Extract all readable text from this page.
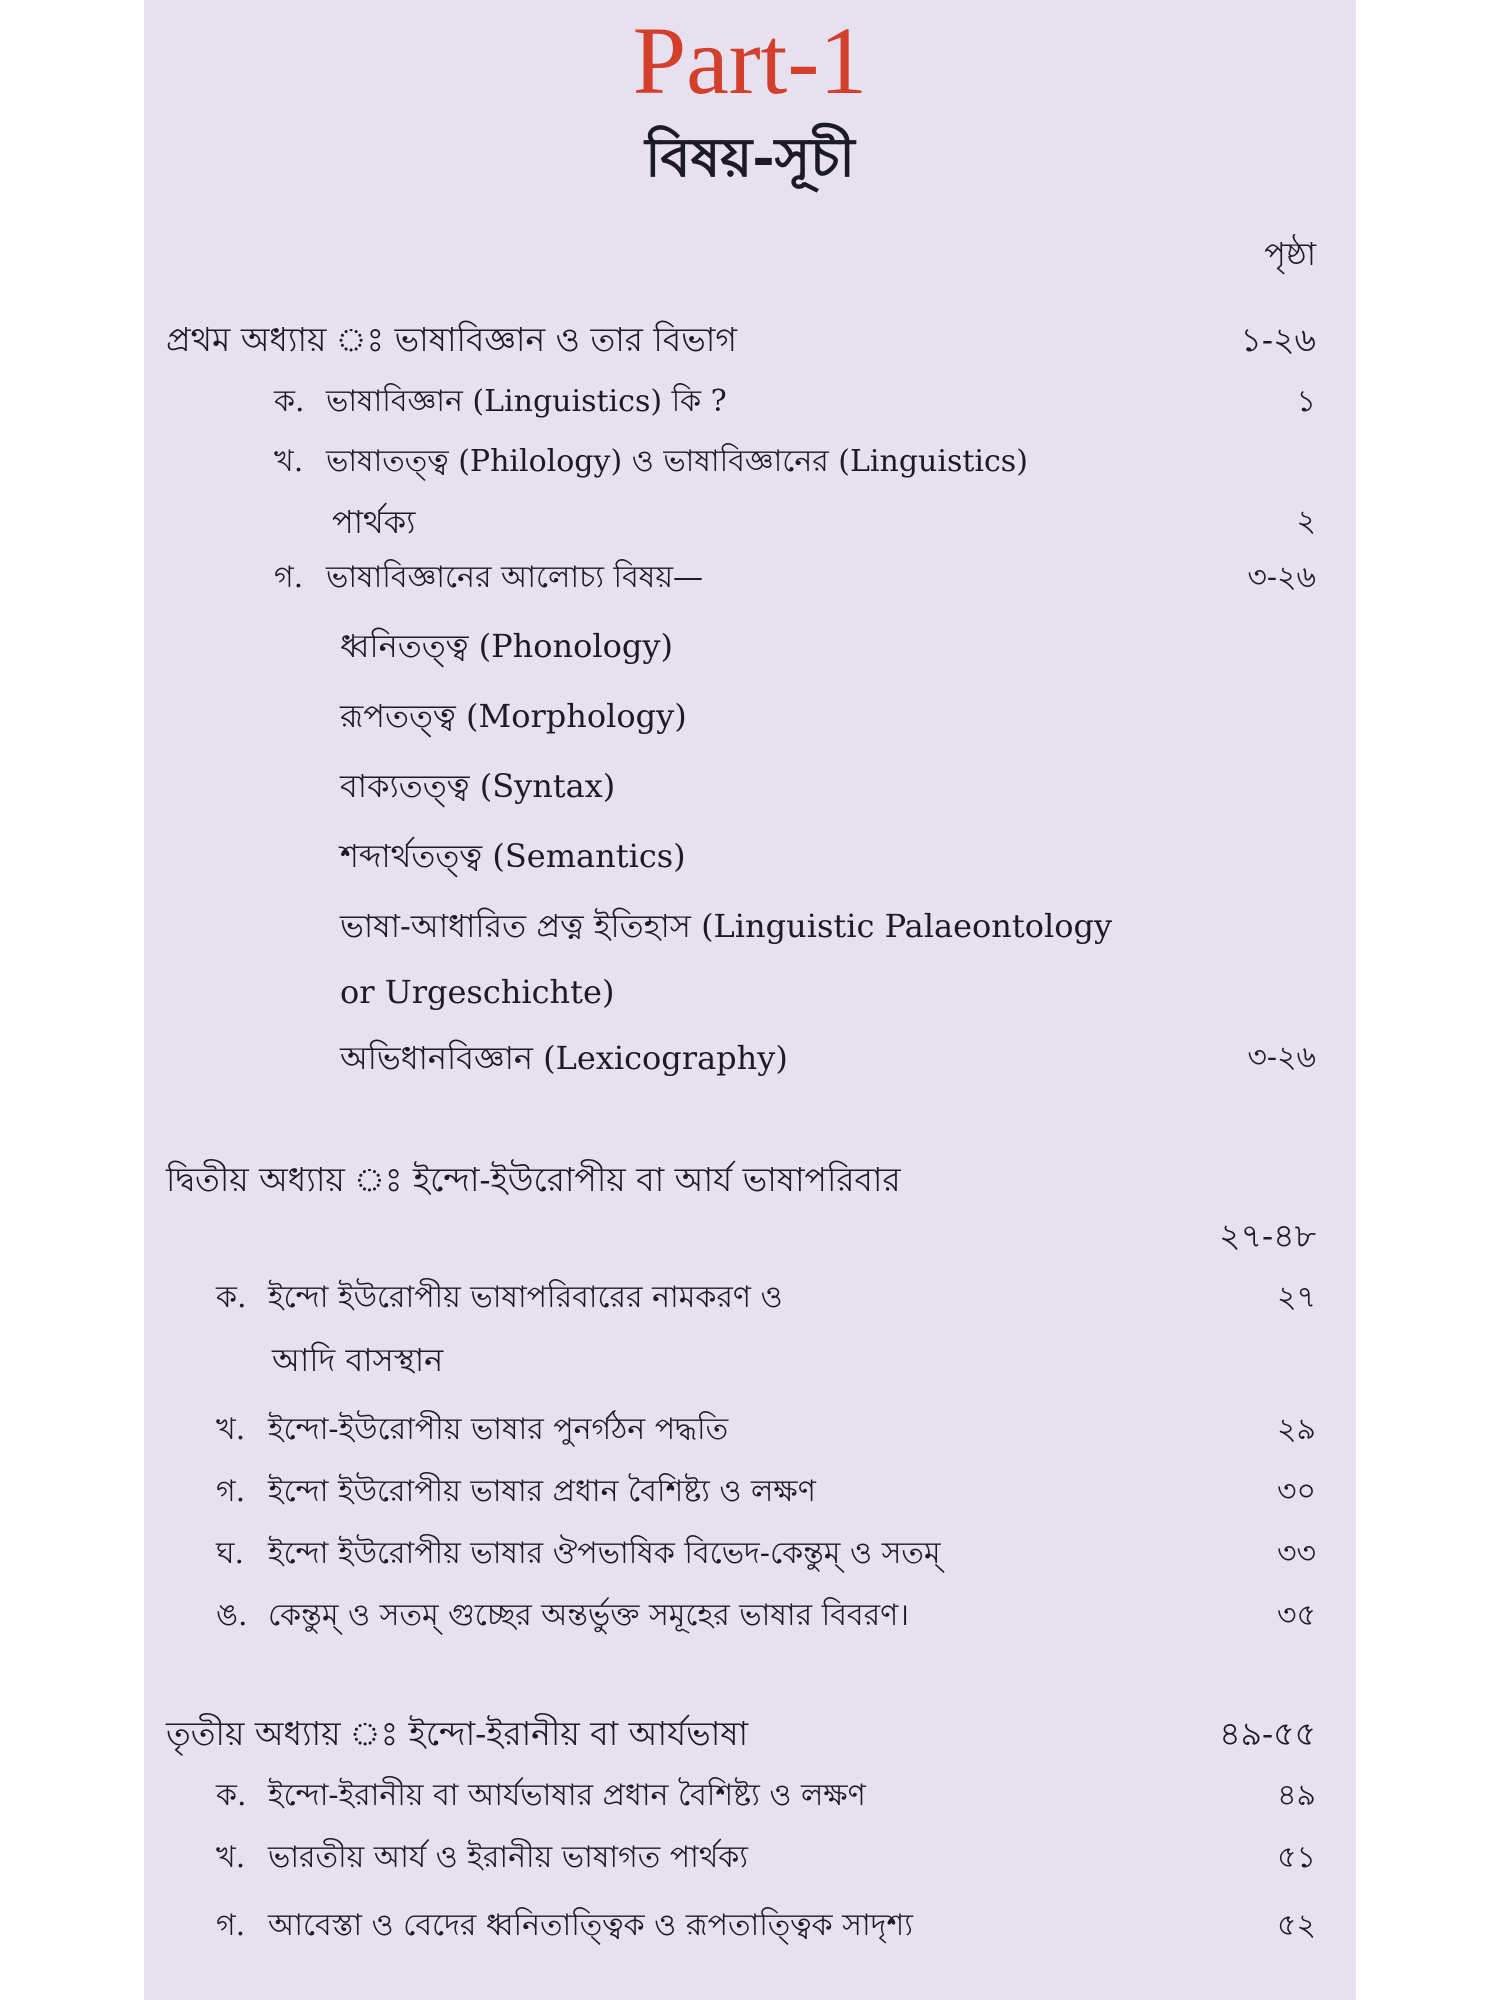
Part-1
বিষয়-সূচী
পৃষ্ঠা
প্রথম অধ্যায় ঃ ভাষাবিজ্ঞান ও তার বিভাগ	১-২৬
ক. ভাষাবিজ্ঞান (Linguistics) কি ?	১
খ. ভাষাতত্ত্ব (Philology) ও ভাষাবিজ্ঞানের (Linguistics)
পার্থক্য	২
গ. ভাষাবিজ্ঞানের আলোচ্য বিষয়—	৩-২৬
ধ্বনিতত্ত্ব (Phonology)
রূপতত্ত্ব (Morphology)
বাক্যতত্ত্ব (Syntax)
শব্দার্থতত্ত্ব (Semantics)
ভাষা-আধারিত প্রত্ন ইতিহাস (Linguistic Palaeontology
or Urgeschichte)
অভিধানবিজ্ঞান (Lexicography)	৩-২৬
দ্বিতীয় অধ্যায় ঃ ইন্দো-ইউরোপীয় বা আর্য ভাষাপরিবার
২৭-৪৮
ক. ইন্দো ইউরোপীয় ভাষাপরিবারের নামকরণ ও	২৭
আদি বাসস্থান
খ. ইন্দো-ইউরোপীয় ভাষার পুনর্গঠন পদ্ধতি	২৯
গ. ইন্দো ইউরোপীয় ভাষার প্রধান বৈশিষ্ট্য ও লক্ষণ	৩০
ঘ. ইন্দো ইউরোপীয় ভাষার ঔপভাষিক বিভেদ-কেন্তুম্ ও সতম্	৩৩
ঙ. কেন্তুম্ ও সতম্ গুচ্ছের অন্তর্ভুক্ত সমূহের ভাষার বিবরণ।	৩৫
তৃতীয় অধ্যায় ঃ ইন্দো-ইরানীয় বা আর্যভাষা	৪৯-৫৫
ক. ইন্দো-ইরানীয় বা আর্যভাষার প্রধান বৈশিষ্ট্য ও লক্ষণ	৪৯
খ. ভারতীয় আর্য ও ইরানীয় ভাষাগত পার্থক্য	৫১
গ. আবেস্তা ও বেদের ধ্বনিতাত্ত্বিক ও রূপতাত্ত্বিক সাদৃশ্য	৫২
